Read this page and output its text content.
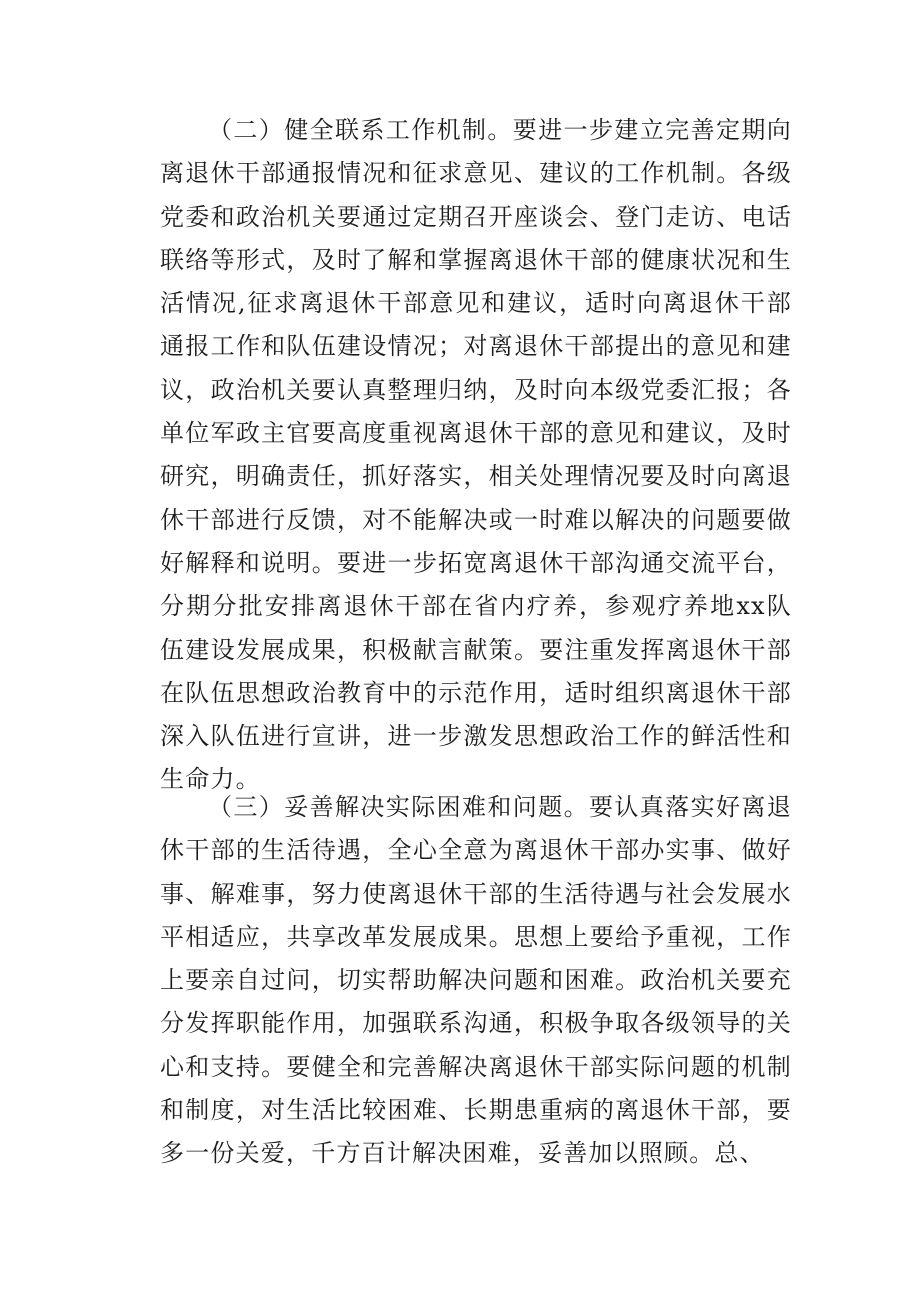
（二）健全联系工作机制。要进一步建立完善定期向离退休干部通报情况和征求意见、建议的工作机制。各级党委和政治机关要通过定期召开座谈会、登门走访、电话联络等形式，及时了解和掌握离退休干部的健康状况和生活情况,征求离退休干部意见和建议，适时向离退休干部通报工作和队伍建设情况；对离退休干部提出的意见和建议，政治机关要认真整理归纳，及时向本级党委汇报；各单位军政主官要高度重视离退休干部的意见和建议，及时研究，明确责任，抓好落实，相关处理情况要及时向离退休干部进行反馈，对不能解决或一时难以解决的问题要做好解释和说明。要进一步拓宽离退休干部沟通交流平台，分期分批安排离退休干部在省内疗养，参观疗养地xx队伍建设发展成果，积极献言献策。要注重发挥离退休干部在队伍思想政治教育中的示范作用，适时组织离退休干部深入队伍进行宣讲，进一步激发思想政治工作的鲜活性和生命力。

（三）妥善解决实际困难和问题。要认真落实好离退休干部的生活待遇，全心全意为离退休干部办实事、做好事、解难事，努力使离退休干部的生活待遇与社会发展水平相适应，共享改革发展成果。思想上要给予重视，工作上要亲自过问，切实帮助解决问题和困难。政治机关要充分发挥职能作用，加强联系沟通，积极争取各级领导的关心和支持。要健全和完善解决离退休干部实际问题的机制和制度，对生活比较困难、长期患重病的离退休干部，要多一份关爱，千方百计解决困难，妥善加以照顾。总、
